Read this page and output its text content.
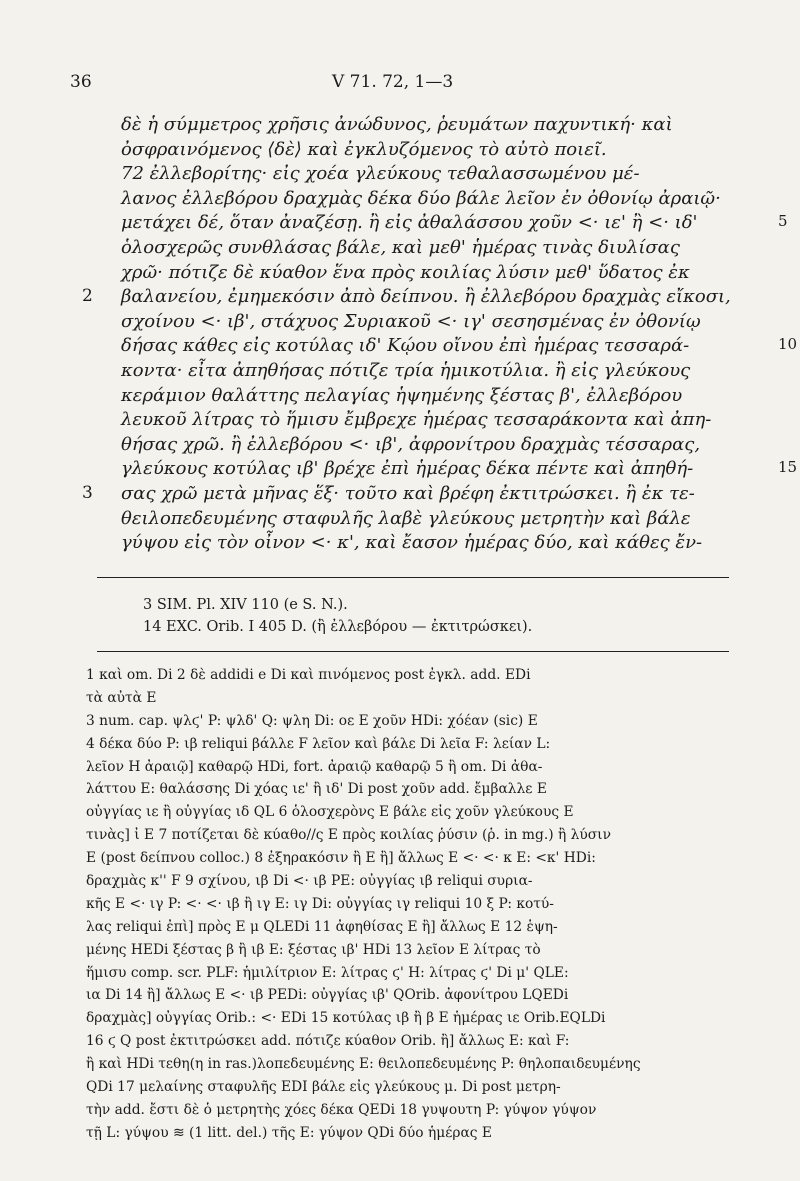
36	V 71. 72, 1—3
δὲ ἡ σύμμετρος χρῆσις ἀνώδυνος, ῥευμάτων παχυντική· καὶ
ὀσφραινόμενος ⟨δὲ⟩ καὶ ἐγκλυζόμενος τὸ αὐτὸ ποιεῖ.
72 ἐλλεβορίτης· εἰς χοέα γλεύκους τεθαλασσωμένου μέ-
λανος ἐλλεβόρου δραχμὰς δέκα δύο βάλε λεῖον ἐν ὀθονίῳ ἀραιῷ·
μετάχει δέ, ὅταν ἀναζέσῃ. ἢ εἰς ἀθαλάσσου χοῦν <· ιε' ἢ <· ιδ'	5
ὁλοσχερῶς συνθλάσας βάλε, καὶ μεθ' ἡμέρας τινὰς διυλίσας
χρῶ· πότιζε δὲ κύαθον ἕνα πρὸς κοιλίας λύσιν μεθ' ὕδατος ἐκ
βαλανείου, ἐμημεκόσιν ἀπὸ δείπνου. ἢ ἐλλεβόρου δραχμὰς εἴκοσι,
2
σχοίνου <· ιβ', στάχυος Συριακοῦ <· ιγ' σεσησμένας ἐν ὀθονίῳ
δήσας κάθες εἰς κοτύλας ιδ' Κῴου οἴνου ἐπὶ ἡμέρας τεσσαρά-	10
κοντα· εἶτα ἀπηθήσας πότιζε τρία ἡμικοτύλια. ἢ εἰς γλεύκους
κεράμιον θαλάττης πελαγίας ἡψημένης ξέστας β', ἐλλεβόρου
λευκοῦ λίτρας τὸ ἥμισυ ἔμβρεχε ἡμέρας τεσσαράκοντα καὶ ἀπη-
θήσας χρῶ. ἢ ἐλλεβόρου <· ιβ', ἀφρονίτρου δραχμὰς τέσσαρας,
γλεύκους κοτύλας ιβ' βρέχε ἐπὶ ἡμέρας δέκα πέντε καὶ ἀπηθή-	15
σας χρῶ μετὰ μῆνας ἕξ· τοῦτο καὶ βρέφη ἐκτιτρώσκει. ἢ ἐκ τε-
3
θειλοπεδευμένης σταφυλῆς λαβὲ γλεύκους μετρητὴν καὶ βάλε
γύψου εἰς τὸν οἶνον <· κ', καὶ ἔασον ἡμέρας δύο, καὶ κάθες ἔν-
3 SIM. Pl. XIV 110 (e S. N.).
14 EXC. Orib. I 405 D. (ἢ ἐλλεβόρου — ἐκτιτρώσκει).
1 καὶ om. Di 2 δὲ addidi e Di καὶ πινόμενος post ἐγκλ. add. EDi
τὰ αὐτὰ E
3 num. cap. ψλϛ' P: ψλδ' Q: ψλη Di: οε E χοῦν HDi: χόέαν (sic) E
4 δέκα δύο P: ιβ reliqui βάλλε F λεῖον καὶ βάλε Di λεῖα F: λείαν L:
λεῖον H ἀραιῷ] καθαρῷ HDi, fort. ἀραιῷ καθαρῷ 5 ἢ om. Di ἀθα-
λάττου E: θαλάσσης Di χόας ιε' ἢ ιδ' Di post χοῦν add. ἔμβαλλε E
οὐγγίας ιε ἢ οὐγγίας ιδ QL 6 ὁλοσχερὸνς E βάλε εἰς χοῦν γλεύκους E
τινὰς] ἰ E 7 ποτίζεται δὲ κύαθο//ς E πρὸς κοιλίας ῥύσιν (ῥ. in mg.) ἢ λύσιν
E (post δείπνου colloc.) 8 ἐξηρακόσιν ἢ E ἢ] ἄλλως E <· <· κ E: <κ' HDi:
δραχμὰς κ'' F 9 σχίνου, ιβ Di <· ιβ PE: οὐγγίας ιβ reliqui συρια-
κῆς E <· ιγ P: <· <· ιβ ἢ ιγ E: ιγ Di: οὐγγίας ιγ reliqui 10 ξ P: κοτύ-
λας reliqui ἐπὶ] πρὸς E μ QLEDi 11 ἀφηθίσας E ἢ] ἄλλως E 12 ἑψη-
μένης HEDi ξέστας β ἢ ιβ E: ξέστας ιβ' HDi 13 λεῖον E λίτρας τὸ
ἥμισυ comp. scr. PLF: ἡμιλίτριον E: λίτρας ϛ' H: λίτρας ϛ' Di μ' QLE:
ια Di 14 ἢ] ἄλλως E <· ιβ PEDi: οὐγγίας ιβ' QOrib. ἀφονίτρου LQEDi
δραχμὰς] οὐγγίας Orib.: <· EDi 15 κοτύλας ιβ ἢ β E ἡμέρας ιε Orib.EQLDi
16 ϛ Q post ἐκτιτρώσκει add. πότιζε κύαθον Orib. ἢ] ἄλλως E: καὶ F:
ἢ καὶ HDi τεθη(η in ras.)λοπεδευμένης E: θειλοπεδευμένης P: θηλοπαιδευμένης
QDi 17 μελαίνης σταφυλῆς EDI βάλε εἰς γλεύκους μ. Di post μετρη-
τὴν add. ἔστι δὲ ὁ μετρητὴς χόες δέκα QEDi 18 γυψουτη P: γύψον γύψον
τῇ L: γύψου ≋ (1 litt. del.) τῆς E: γύψον QDi δύο ἡμέρας E
